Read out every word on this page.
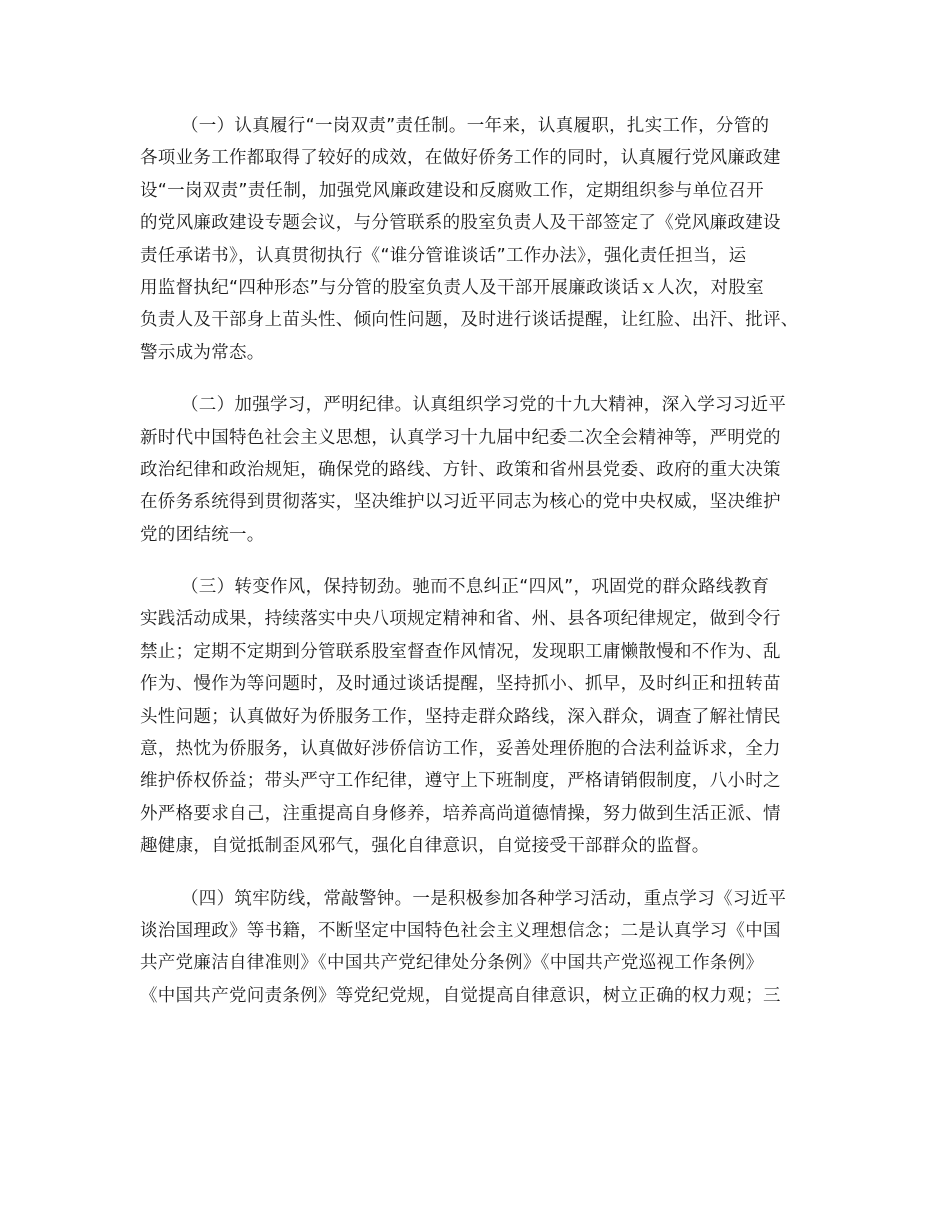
（一）认真履行“一岗双责”责任制。一年来，认真履职，扎实工作，分管的
各项业务工作都取得了较好的成效，在做好侨务工作的同时，认真履行党风廉政建
设“一岗双责”责任制，加强党风廉政建设和反腐败工作，定期组织参与单位召开
的党风廉政建设专题会议，与分管联系的股室负责人及干部签定了《党风廉政建设
责任承诺书》，认真贯彻执行《“谁分管谁谈话”工作办法》，强化责任担当，运
用监督执纪“四种形态”与分管的股室负责人及干部开展廉政谈话ｘ人次，对股室
负责人及干部身上苗头性、倾向性问题，及时进行谈话提醒，让红脸、出汗、批评、
警示成为常态。

（二）加强学习，严明纪律。认真组织学习党的十九大精神，深入学习习近平
新时代中国特色社会主义思想，认真学习十九届中纪委二次全会精神等，严明党的
政治纪律和政治规矩，确保党的路线、方针、政策和省州县党委、政府的重大决策
在侨务系统得到贯彻落实，坚决维护以习近平同志为核心的党中央权威，坚决维护
党的团结统一。

（三）转变作风，保持韧劲。驰而不息纠正“四风”，巩固党的群众路线教育
实践活动成果，持续落实中央八项规定精神和省、州、县各项纪律规定，做到令行
禁止；定期不定期到分管联系股室督查作风情况，发现职工庸懒散慢和不作为、乱
作为、慢作为等问题时，及时通过谈话提醒，坚持抓小、抓早，及时纠正和扭转苗
头性问题；认真做好为侨服务工作，坚持走群众路线，深入群众，调查了解社情民
意，热忱为侨服务，认真做好涉侨信访工作，妥善处理侨胞的合法利益诉求，全力
维护侨权侨益；带头严守工作纪律，遵守上下班制度，严格请销假制度，八小时之
外严格要求自己，注重提高自身修养，培养高尚道德情操，努力做到生活正派、情
趣健康，自觉抵制歪风邪气，强化自律意识，自觉接受干部群众的监督。

（四）筑牢防线，常敲警钟。一是积极参加各种学习活动，重点学习《习近平
谈治国理政》等书籍，不断坚定中国特色社会主义理想信念；二是认真学习《中国
共产党廉洁自律准则》《中国共产党纪律处分条例》《中国共产党巡视工作条例》
《中国共产党问责条例》等党纪党规，自觉提高自律意识，树立正确的权力观；三
